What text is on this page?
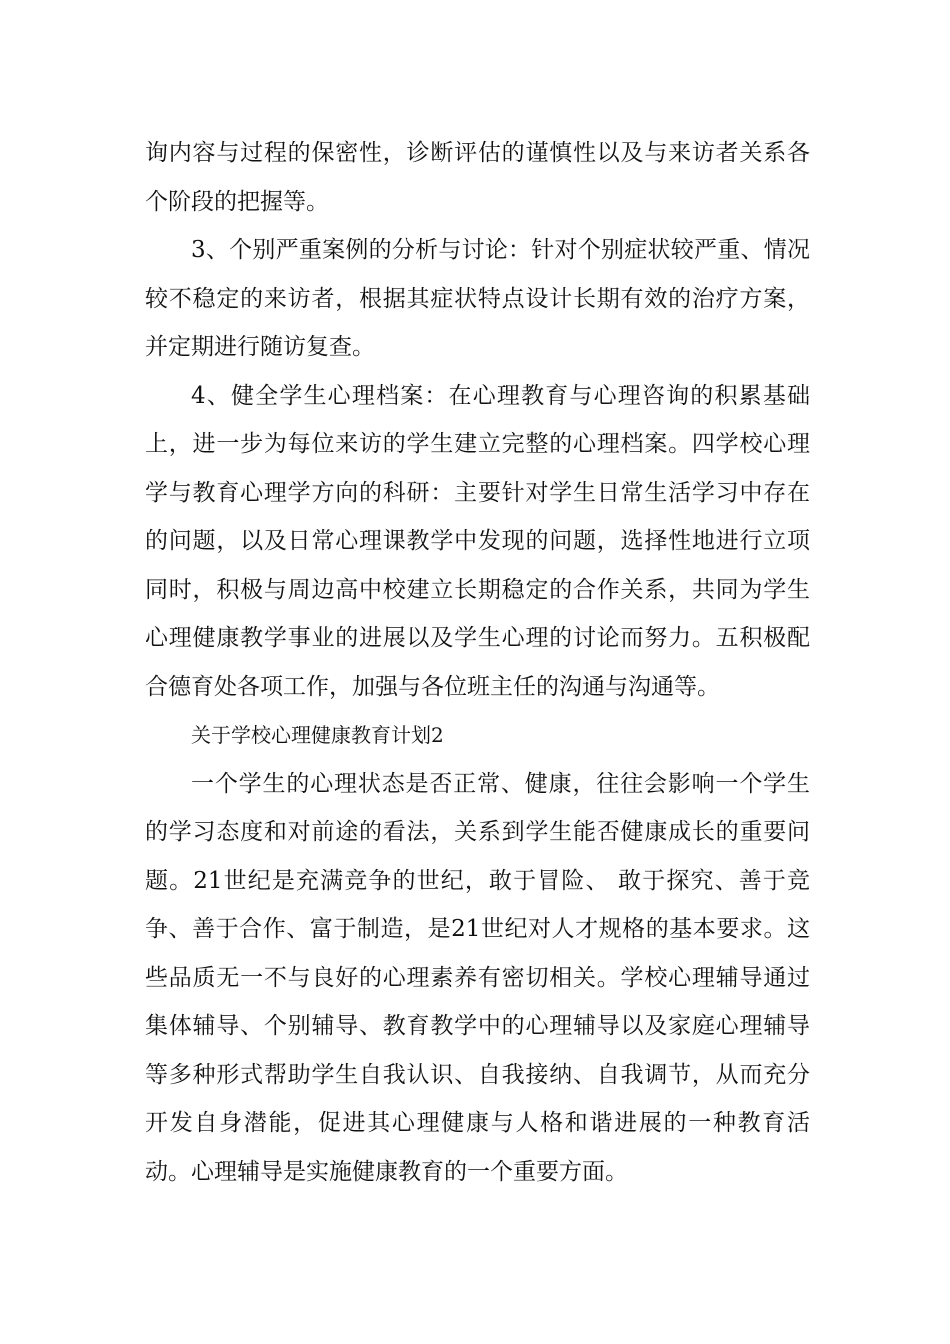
询内容与过程的保密性，诊断评估的谨慎性以及与来访者关系各个阶段的把握等。

3、个别严重案例的分析与讨论：针对个别症状较严重、情况较不稳定的来访者，根据其症状特点设计长期有效的治疗方案，并定期进行随访复查。

4、健全学生心理档案：在心理教育与心理咨询的积累基础上，进一步为每位来访的学生建立完整的心理档案。四学校心理学与教育心理学方向的科研：主要针对学生日常生活学习中存在的问题，以及日常心理课教学中发现的问题，选择性地进行立项同时，积极与周边高中校建立长期稳定的合作关系，共同为学生心理健康教学事业的进展以及学生心理的讨论而努力。五积极配合德育处各项工作，加强与各位班主任的沟通与沟通等。

关于学校心理健康教育计划2

一个学生的心理状态是否正常、健康，往往会影响一个学生的学习态度和对前途的看法，关系到学生能否健康成长的重要问题。21世纪是充满竞争的世纪，敢于冒险、 敢于探究、善于竞争、善于合作、富于制造，是21世纪对人才规格的基本要求。这些品质无一不与良好的心理素养有密切相关。学校心理辅导通过集体辅导、个别辅导、教育教学中的心理辅导以及家庭心理辅导等多种形式帮助学生自我认识、自我接纳、自我调节，从而充分开发自身潜能，促进其心理健康与人格和谐进展的一种教育活动。心理辅导是实施健康教育的一个重要方面。
